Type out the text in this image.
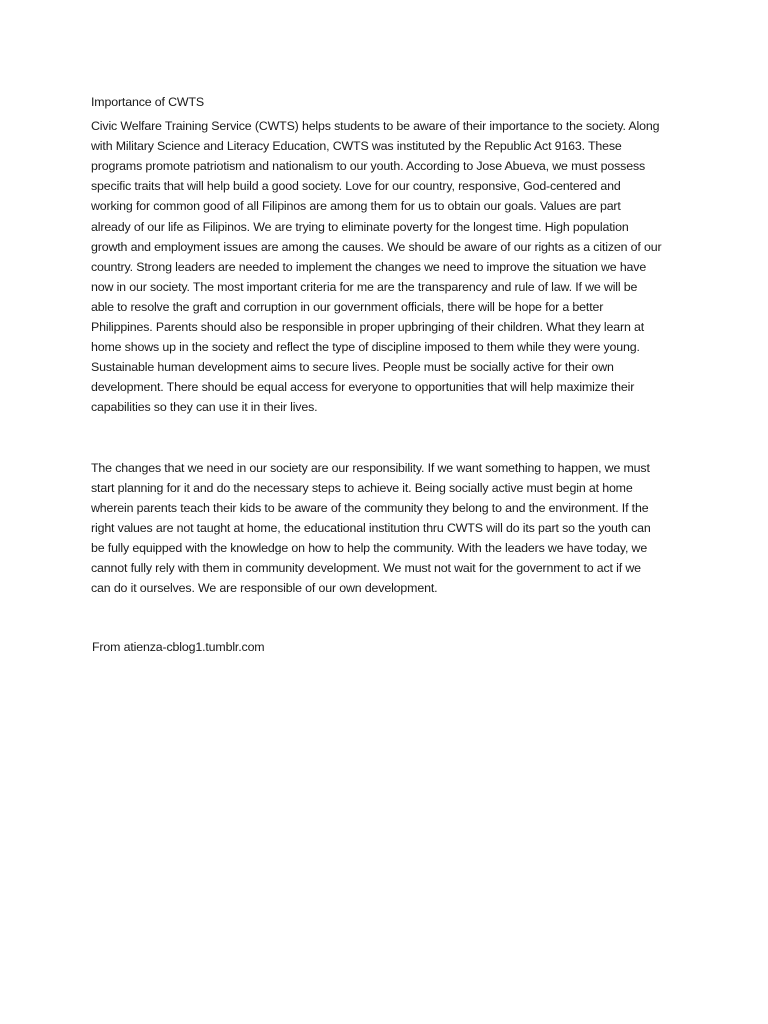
Importance of CWTS

Civic Welfare Training Service (CWTS) helps students to be aware of their importance to the society. Along with Military Science and Literacy Education, CWTS was instituted by the Republic Act 9163. These programs promote patriotism and nationalism to our youth. According to Jose Abueva, we must possess specific traits that will help build a good society. Love for our country, responsive, God-centered and working for common good of all Filipinos are among them for us to obtain our goals. Values are part already of our life as Filipinos. We are trying to eliminate poverty for the longest time. High population growth and employment issues are among the causes. We should be aware of our rights as a citizen of our country. Strong leaders are needed to implement the changes we need to improve the situation we have now in our society. The most important criteria for me are the transparency and rule of law. If we will be able to resolve the graft and corruption in our government officials, there will be hope for a better Philippines. Parents should also be responsible in proper upbringing of their children. What they learn at home shows up in the society and reflect the type of discipline imposed to them while they were young. Sustainable human development aims to secure lives. People must be socially active for their own development. There should be equal access for everyone to opportunities that will help maximize their capabilities so they can use it in their lives.

The changes that we need in our society are our responsibility. If we want something to happen, we must start planning for it and do the necessary steps to achieve it. Being socially active must begin at home wherein parents teach their kids to be aware of the community they belong to and the environment. If the right values are not taught at home, the educational institution thru CWTS will do its part so the youth can be fully equipped with the knowledge on how to help the community. With the leaders we have today, we cannot fully rely with them in community development. We must not wait for the government to act if we can do it ourselves. We are responsible of our own development.

From atienza-cblog1.tumblr.com
